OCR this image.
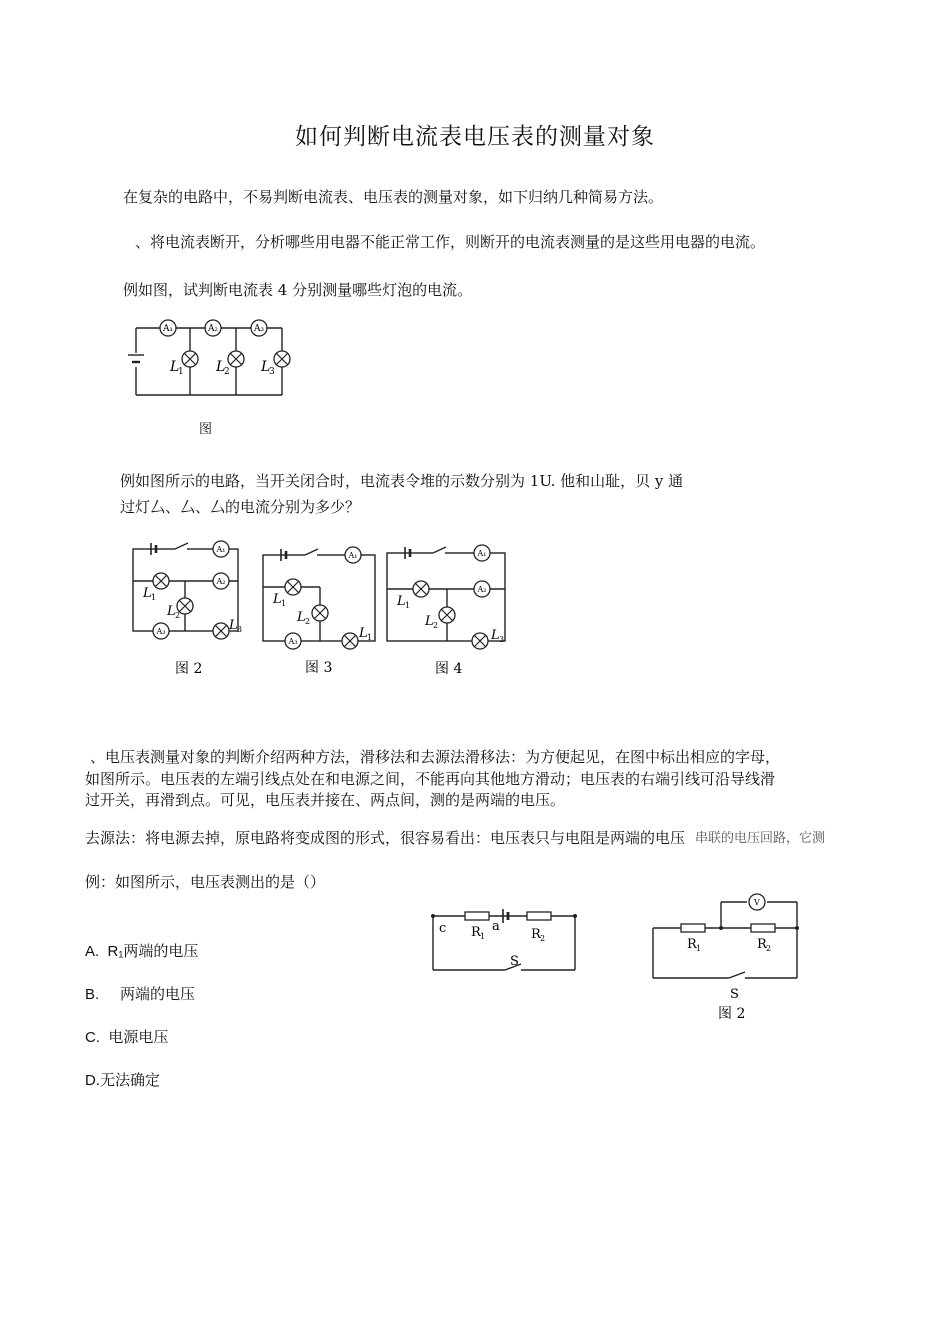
如何判断电流表电压表的测量对象
在复杂的电路中，不易判断电流表、电压表的测量对象，如下归纳几种简易方法。
、将电流表断开，分析哪些用电器不能正常工作，则断开的电流表测量的是这些用电器的电流。
例如图，试判断电流表 4 分别测量哪些灯泡的电流。
A₁	A₂	A₃
L	L	L
1	2	3
图
例如图所示的电路，当开关闭合时，电流表令堆的示数分别为 1U. 他和山耻，贝 y 通
过灯厶、厶、厶的电流分别为多少？
A₁
A₂
A₃
A₁
A₃
A₁
A₂
L
L
L
L
L
L
L
L
L
1
2
3
1
2
1
1
2
3
图 2	图 3	图 4
、电压表测量对象的判断介绍两种方法，滑移法和去源法滑移法：为方便起见，在图中标出相应的字母，
如图所示。电压表的左端引线点处在和电源之间，不能再向其他地方滑动；电压表的右端引线可沿导线滑
过开关，再滑到点。可见，电压表并接在、两点间，测的是两端的电压。
去源法：将电源去掉，原电路将变成图的形式，很容易看出：电压表只与电阻是两端的电压 串联的电压回路，它测
例：如图所示，电压表测出的是（）
A. R₁两端的电压
B. 两端的电压
C. 电源电压
D.无法确定
c	a
R	R
S
R	R
S
图 2
1	2
1	2
V
